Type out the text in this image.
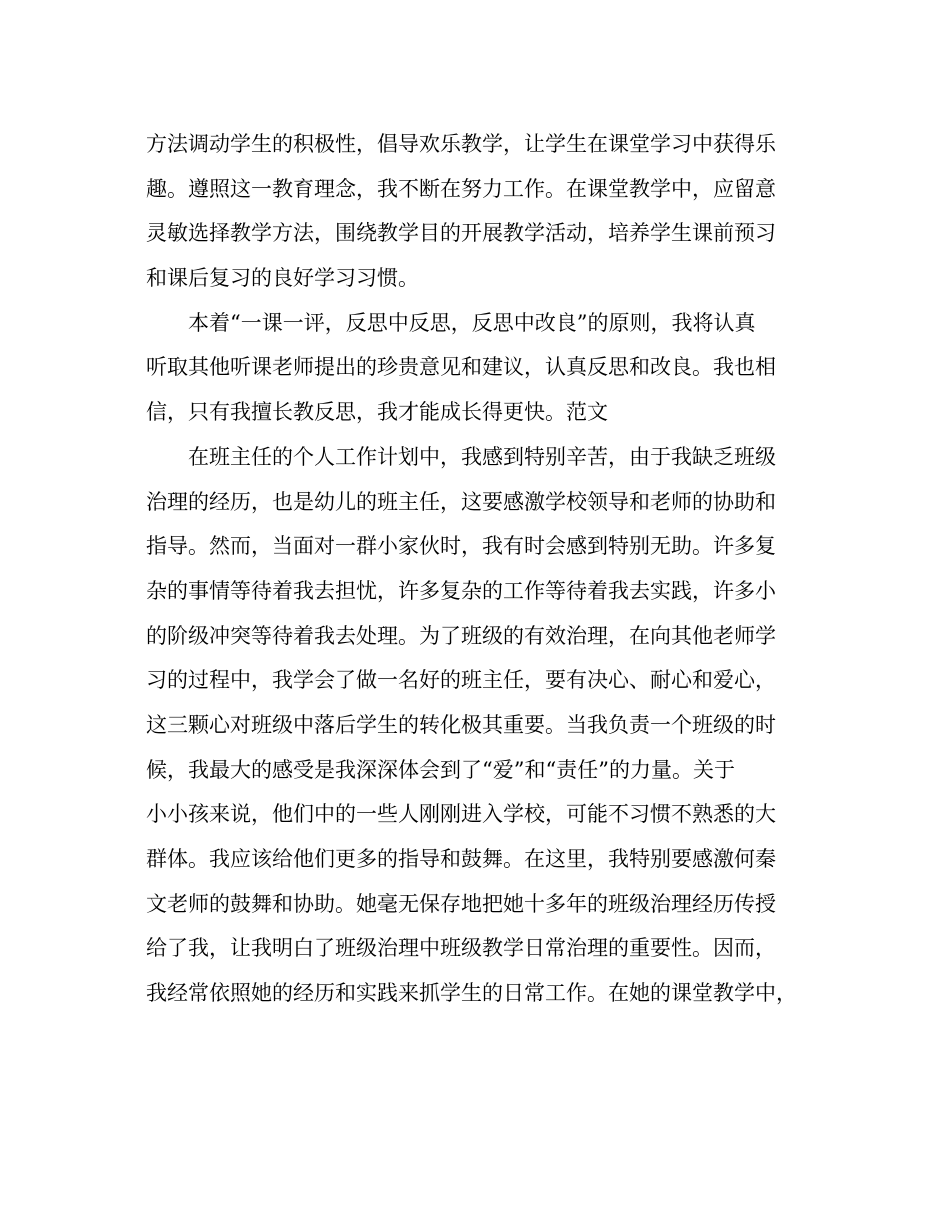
方法调动学生的积极性，倡导欢乐教学，让学生在课堂学习中获得乐
趣。遵照这一教育理念，我不断在努力工作。在课堂教学中，应留意
灵敏选择教学方法，围绕教学目的开展教学活动，培养学生课前预习
和课后复习的良好学习习惯。
本着“一课一评，反思中反思，反思中改良”的原则，我将认真
听取其他听课老师提出的珍贵意见和建议，认真反思和改良。我也相
信，只有我擅长教反思，我才能成长得更快。范文
在班主任的个人工作计划中，我感到特别辛苦，由于我缺乏班级
治理的经历，也是幼儿的班主任，这要感激学校领导和老师的协助和
指导。然而，当面对一群小家伙时，我有时会感到特别无助。许多复
杂的事情等待着我去担忧，许多复杂的工作等待着我去实践，许多小
的阶级冲突等待着我去处理。为了班级的有效治理，在向其他老师学
习的过程中，我学会了做一名好的班主任，要有决心、耐心和爱心，
这三颗心对班级中落后学生的转化极其重要。当我负责一个班级的时
候，我最大的感受是我深深体会到了“爱”和“责任”的力量。关于
小小孩来说，他们中的一些人刚刚进入学校，可能不习惯不熟悉的大
群体。我应该给他们更多的指导和鼓舞。在这里，我特别要感激何秦
文老师的鼓舞和协助。她毫无保存地把她十多年的班级治理经历传授
给了我，让我明白了班级治理中班级教学日常治理的重要性。因而，
我经常依照她的经历和实践来抓学生的日常工作。在她的课堂教学中，
